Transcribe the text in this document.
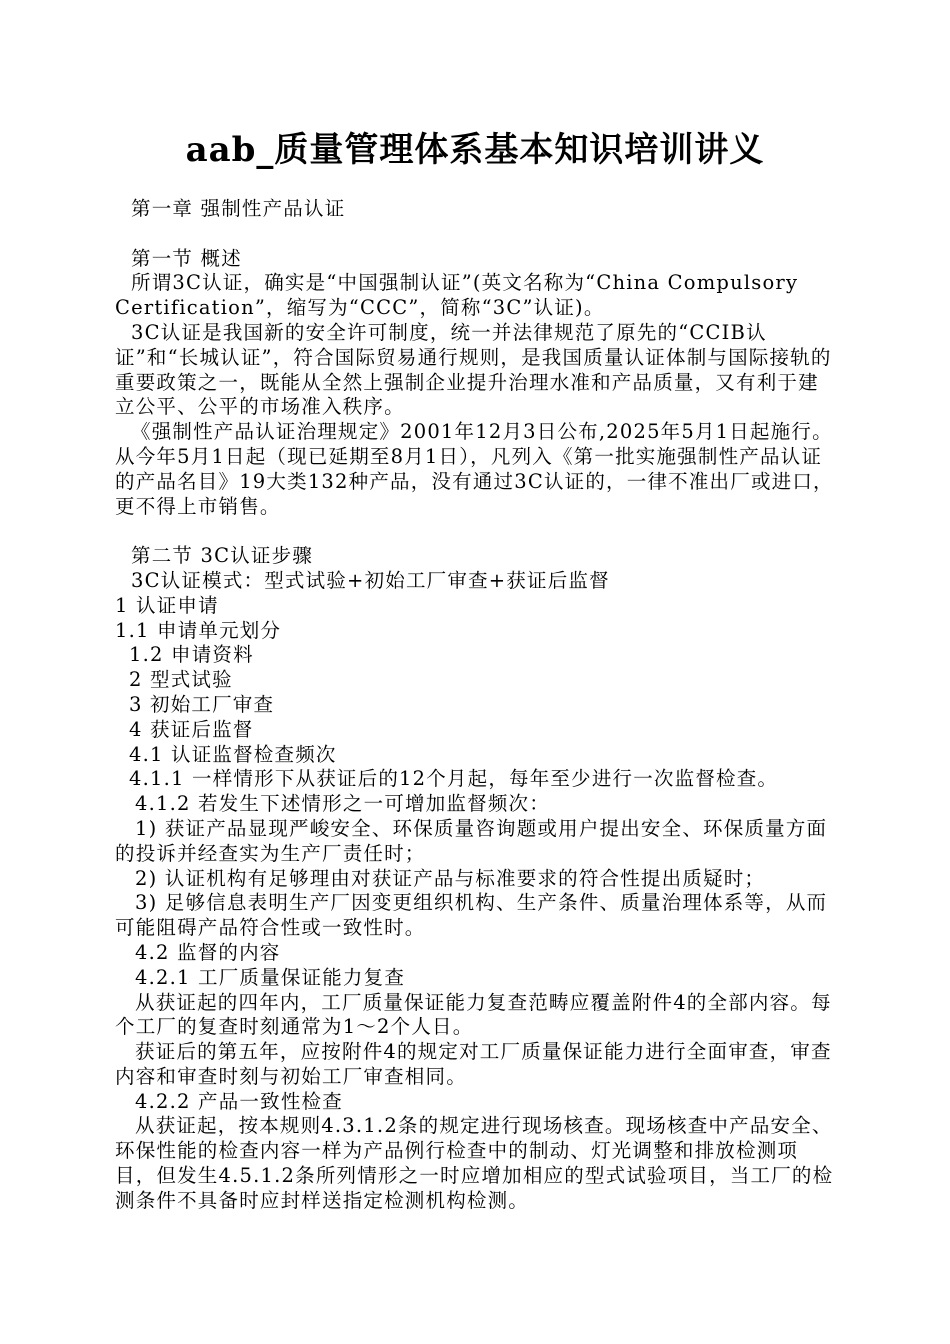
aab_质量管理体系基本知识培训讲义

第一章 强制性产品认证

第一节 概述

所谓3C认证，确实是“中国强制认证”(英文名称为“China Compulsory Certification”，缩写为“CCC”，简称“3C”认证)。

3C认证是我国新的安全许可制度，统一并法律规范了原先的“CCIB认证”和“长城认证”，符合国际贸易通行规则，是我国质量认证体制与国际接轨的重要政策之一，既能从全然上强制企业提升治理水准和产品质量，又有利于建立公平、公平的市场准入秩序。

《强制性产品认证治理规定》2001年12月3日公布,2025年5月1日起施行。从今年5月1日起（现已延期至8月1日），凡列入《第一批实施强制性产品认证的产品名目》19大类132种产品，没有通过3C认证的，一律不准出厂或进口，更不得上市销售。

第二节 3C认证步骤

3C认证模式：型式试验+初始工厂审查+获证后监督

1 认证申请

1.1 申请单元划分

1.2 申请资料

2 型式试验

3 初始工厂审查

4 获证后监督

4.1 认证监督检查频次

4.1.1 一样情形下从获证后的12个月起，每年至少进行一次监督检查。

4.1.2 若发生下述情形之一可增加监督频次：

1) 获证产品显现严峻安全、环保质量咨询题或用户提出安全、环保质量方面的投诉并经查实为生产厂责任时；

2) 认证机构有足够理由对获证产品与标准要求的符合性提出质疑时；

3) 足够信息表明生产厂因变更组织机构、生产条件、质量治理体系等，从而可能阻碍产品符合性或一致性时。

4.2 监督的内容

4.2.1 工厂质量保证能力复查

从获证起的四年内，工厂质量保证能力复查范畴应覆盖附件4的全部内容。每个工厂的复查时刻通常为1～2个人日。

获证后的第五年，应按附件4的规定对工厂质量保证能力进行全面审查，审查内容和审查时刻与初始工厂审查相同。

4.2.2 产品一致性检查

从获证起，按本规则4.3.1.2条的规定进行现场核查。现场核查中产品安全、环保性能的检查内容一样为产品例行检查中的制动、灯光调整和排放检测项目，但发生4.5.1.2条所列情形之一时应增加相应的型式试验项目，当工厂的检测条件不具备时应封样送指定检测机构检测。
